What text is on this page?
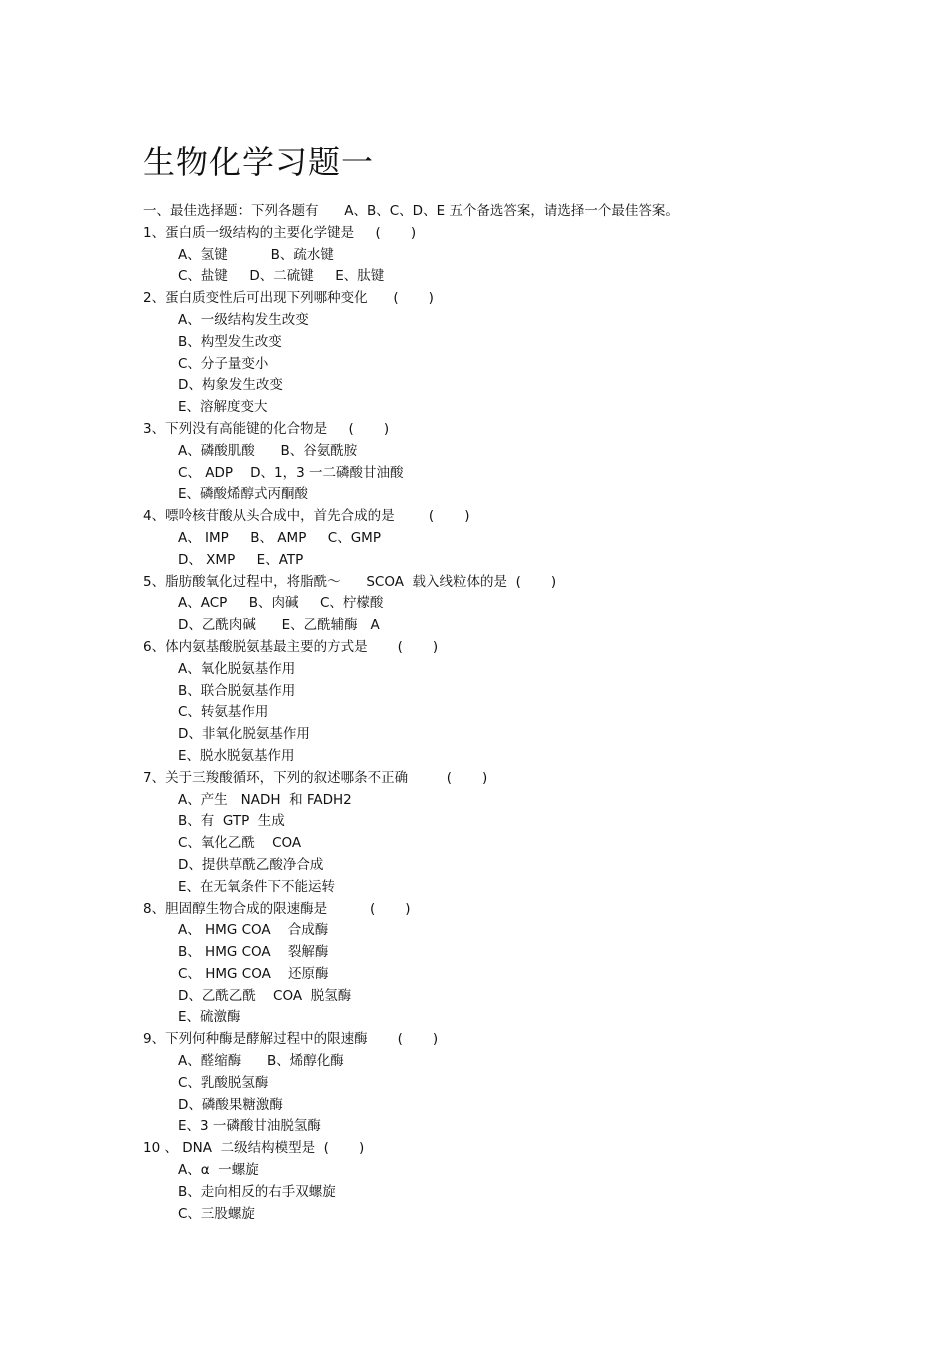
生物化学习题一
一、最佳选择题：下列各题有      A、B、C、D、E 五个备选答案，请选择一个最佳答案。
1、蛋白质一级结构的主要化学键是     (       )
A、氢键          B、疏水键
C、盐键     D、二硫键     E、肽键
2、蛋白质变性后可出现下列哪种变化      (       )
A、一级结构发生改变
B、构型发生改变
C、分子量变小
D、构象发生改变
E、溶解度变大
3、下列没有高能键的化合物是     (       )
A、磷酸肌酸      B、谷氨酰胺
C、 ADP    D、1，3 一二磷酸甘油酸
E、磷酸烯醇式丙酮酸
4、嘌呤核苷酸从头合成中，首先合成的是        (       )
A、 IMP     B、 AMP     C、GMP
D、 XMP     E、ATP
5、脂肪酸氧化过程中，将脂酰～      SCOA  载入线粒体的是  (       )
A、ACP     B、肉碱     C、柠檬酸
D、乙酰肉碱      E、乙酰辅酶   A
6、体内氨基酸脱氨基最主要的方式是       (       )
A、氧化脱氨基作用
B、联合脱氨基作用
C、转氨基作用
D、非氧化脱氨基作用
E、脱水脱氨基作用
7、关于三羧酸循环，下列的叙述哪条不正确         (       )
A、产生   NADH  和 FADH2
B、有  GTP  生成
C、氧化乙酰    COA
D、提供草酰乙酸净合成
E、在无氧条件下不能运转
8、胆固醇生物合成的限速酶是          (       )
A、 HMG COA    合成酶
B、 HMG COA    裂解酶
C、 HMG COA    还原酶
D、乙酰乙酰    COA  脱氢酶
E、硫激酶
9、下列何种酶是酵解过程中的限速酶       (       )
A、醛缩酶      B、烯醇化酶
C、乳酸脱氢酶
D、磷酸果糖激酶
E、3 一磷酸甘油脱氢酶
10 、 DNA  二级结构模型是  (       )
A、α  一螺旋
B、走向相反的右手双螺旋
C、三股螺旋
